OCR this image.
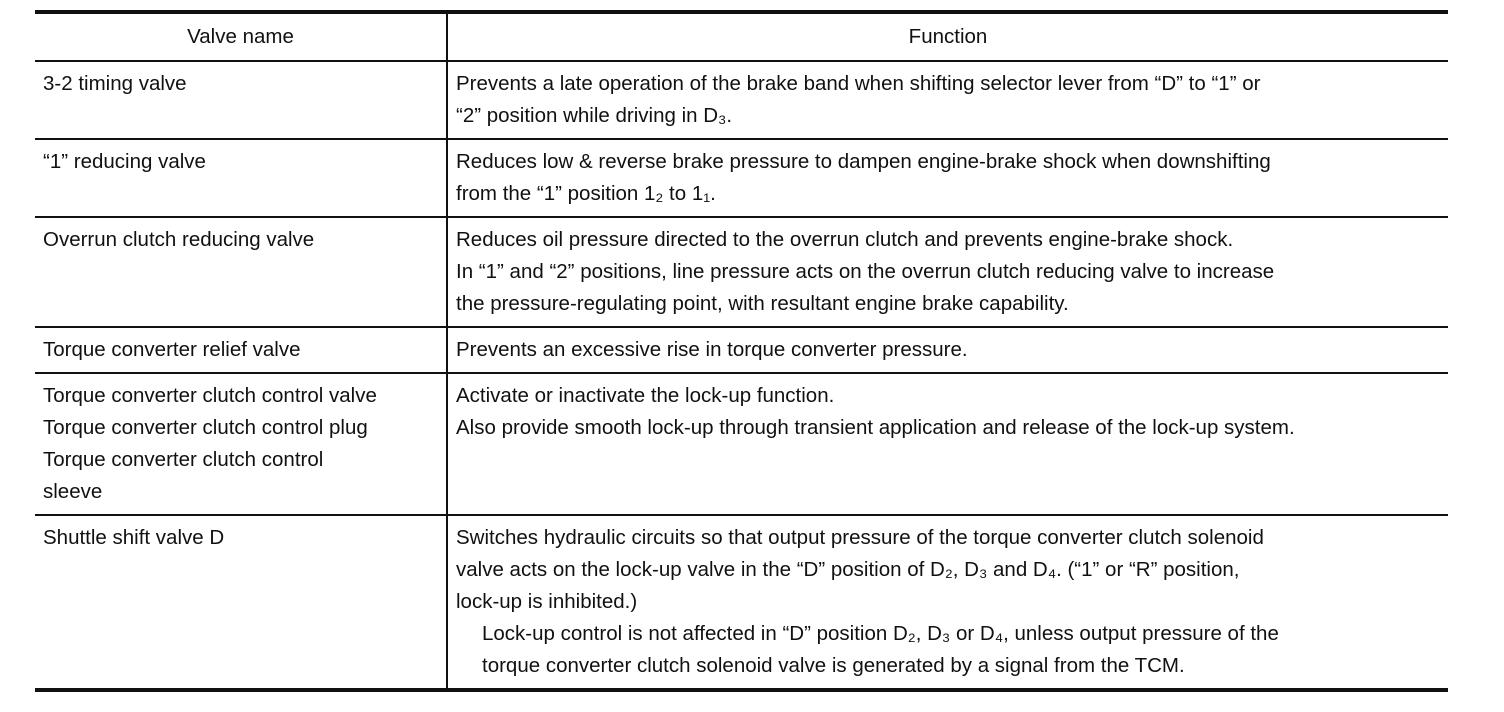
Valve name	Function

3-2 timing valve	Prevents a late operation of the brake band when shifting selector lever from “D” to “1” or
“2” position while driving in D₃.

“1” reducing valve	Reduces low & reverse brake pressure to dampen engine-brake shock when downshifting
from the “1” position 1₂ to 1₁.

Overrun clutch reducing valve	Reduces oil pressure directed to the overrun clutch and prevents engine-brake shock.
In “1” and “2” positions, line pressure acts on the overrun clutch reducing valve to increase
the pressure-regulating point, with resultant engine brake capability.

Torque converter relief valve	Prevents an excessive rise in torque converter pressure.

Torque converter clutch control valve
Torque converter clutch control plug
Torque converter clutch control
sleeve	Activate or inactivate the lock-up function.
Also provide smooth lock-up through transient application and release of the lock-up system.

Shuttle shift valve D	Switches hydraulic circuits so that output pressure of the torque converter clutch solenoid
valve acts on the lock-up valve in the “D” position of D₂, D₃ and D₄. (“1” or “R” position,
lock-up is inhibited.)
Lock-up control is not affected in “D” position D₂, D₃ or D₄, unless output pressure of the
torque converter clutch solenoid valve is generated by a signal from the TCM.
